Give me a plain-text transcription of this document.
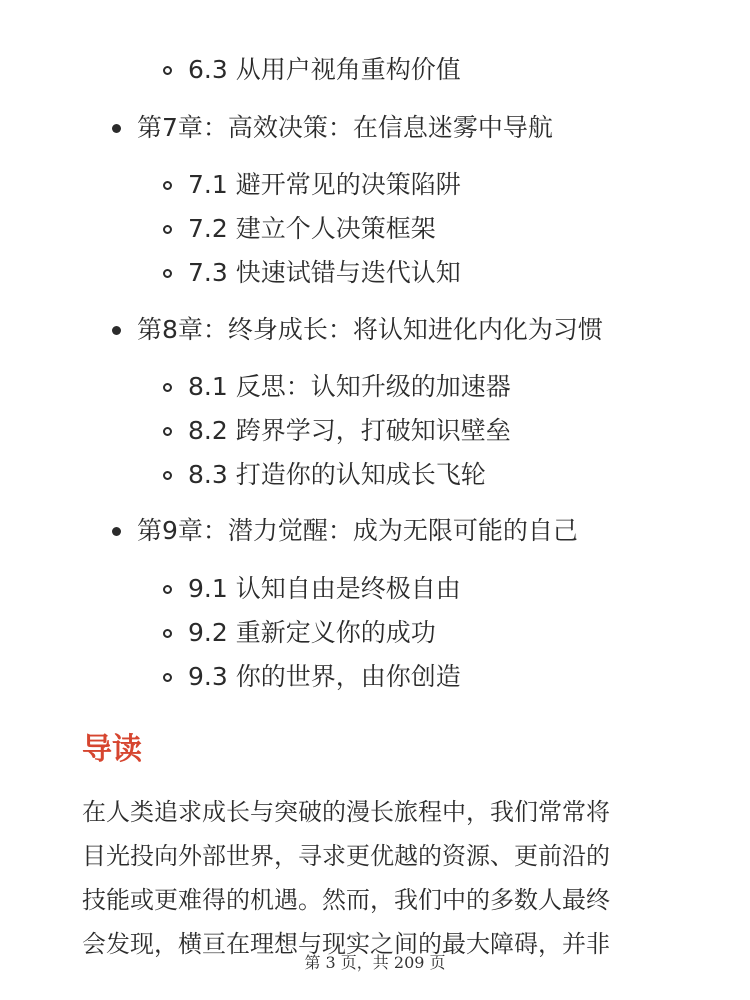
6.3 从用户视角重构价值
第7章：高效决策：在信息迷雾中导航
7.1 避开常见的决策陷阱
7.2 建立个人决策框架
7.3 快速试错与迭代认知
第8章：终身成长：将认知进化内化为习惯
8.1 反思：认知升级的加速器
8.2 跨界学习，打破知识壁垒
8.3 打造你的认知成长飞轮
第9章：潜力觉醒：成为无限可能的自己
9.1 认知自由是终极自由
9.2 重新定义你的成功
9.3 你的世界，由你创造
导读
在人类追求成长与突破的漫长旅程中，我们常常将
目光投向外部世界，寻求更优越的资源、更前沿的
技能或更难得的机遇。然而，我们中的多数人最终
会发现，横亘在理想与现实之间的最大障碍，并非
第 3 页，共 209 页
